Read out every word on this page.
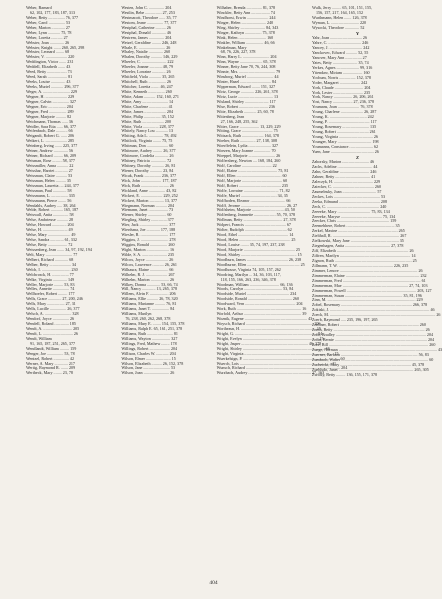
Weber, Barnard
62, 102, 177, 183, 187, 313
Weber, Betty ................ 76, 377
Weber, Carol ................ 53
Weber, Marion ............. 27
Weber, Lynn ............ 75, 78
Weber, Loretta ........... 27
Webster, Joan .............. 26
Webster, Knight ....... 260, 265, 298
Webster, Leonard ........ 68
Webster, V. ..................... 220
Weddington, Victor ....... 231
Weddell, Elizabeth ....... 43
Weed, Betty ................... 73
Weed, Sarah ................... 81
Weeks, Louise .............. 43
Weeks, Muriel ............ 296, 377
Weger, A. .......................... 229
Wegner, H. ..................... 229
Wegner, Calvin ................ 327
Wegner, Eric ................. 204
Wegner, Fred ................. 289
Wegner, Marjorie .......... 82
Weichmann, Thomas ...... 36
Weidler, Sara Etta ...... 66, 377
Weifenbach, Dale ........... 66
Weigandt, Robert G. ...... 206
Weikert, L. ..................... 285
Weinberg, Irving ....... 225, 377
Weiner, Andrew .............. 56
Weiner, Richard ......... 66, 209
Weisman, Rose ......... 58, 377
Weissmiller, Anna ........... 22
Weisshar, Harriet ............ 27
Weissman, Claire ........... 53
Weissman, Helen .......... 35
Weissman, Lauretta .... 244, 377
Weissman, Paul ............. 58
Weissmann, L. ................ 335
Weissmann, Pierce ........ 56
Wendahls, Audrey ..... 38, 264
Welde, Robert ............ 165, 187
Weiswall, Anita ............... 58
Welse, Ambrieuse ........... 28
Welse, Howard .............. 204
Welse, H. ........................ 49
Welse, Mary ...................... 49
Welse, Sandra ............. 61, 332
Welse, Betty ................... 72
Weissenberg, Jean ....... 34, 97, 192, 194
Welt, Mary .......................... 77
Welbert, Richard ............. 68
Welber, Betty ..................... 34
Welch, I. ............................ 230
Welchrosck, H. ................ 77
Welke, Virginia .............. 149
Weller, Marjorie ......... 53, 83
Welles, Annette ................ 74
Wellhoefer, Robert ......... 177
Wells, Grace ............. 27, 200, 246
Wells, Mary ................. 27, 31
Wells, Lucille ................ 26, 377
Welsch, A. .......................... 328
Wendorf, Joyce ................ 26
Wendell, Roland .............. 185
Wendt, A. ............................ 205
Wendt, L. ............................. 26
Wendt, William
91, 165, 187, 251, 265, 377
Wendlandt, William ......... 159
Wenger, Joe ................ 53, 78
Wentzel, Robert ............... 42
Werner, A. Mary ............. 217
Wertig, Raymond R. ....... 209
Wertheck, Mary ........ 23, 78
Westen, John C. ............... 204
Westlin, Bebe ................ 27, 253
Westmacott, Theodore ...... 35, 77
Westom, Jeane ................ 77, 377
Westphal, Catherine .......... 26
Westphal, Donald .............. 46
Westrem, James ............... 204
Wetzel, Geraldine ......... 246, 248
Whale, E. .......................... 26
Whaley, Natalie .............. 260
Whalen, Dorothy ........... 146, 229
Wheeler, C. ........................ 222
Wheeler, Joanne ............ 48, 79
Wheeler, Lorraine ............. 26
Whitfield, Viola ............ 35, 265
Whitchell, Ruth ................. 26
Whitcher, Loretta ........ 46, 247
White, Kenneth ................ 260
White, Adam ........... 152, 160, 271
White, Amy ......................... 14
White, Charlene .................. 41
White, James ..................... 204
White, Philip ................ 35, 152
White, Ruth ..................... 200
White, Viola ............... 228, 377
Whitely, Nancy Lou ............ 13
Whiting, Ada L. .............. 78, 492
Whitlock, Virginia ........ 75, 75
Whitman, Don ..................... 60
Whitmore, Audrey ......... 26, 377
Whitmore, Cordelia ............. 26
Whitney, Patricia ............... 72
Whitney, Dorothy ............ 26, 81
Wiener, Dorothy ............ 23, 84
Wicak, Frank ................ 236, 377
Wick, John .................... 177, 187
Wick, Ruth ........................... 26
Wickland, Anne ................ 43, 82
Wickert, E. ..................... 229, 252
Wickert, Marion .............. 13, 377
Wiegmann, Norman ........... 204
Wiemann, Janet ................... 73
Wiener, Shirley .................. 60
Wiegling, Shirley ............... 377
Wier, Jack ............................ 377
Wierdsma, Joe ............. 177, 188
Wiesler, R. ........................... 177
Wiggins, J. ........................... 278
Wiggins, Ronald ................. 260
Wight, Marion ...................... 16
Wilde, S. A. ........................ 235
Wilcox, Joyce ...................... 26
Wilcox, Lawrence ........... 26, 261
Wilhaura, Elaine .................. 66
Wilhelm, R. J. ..................... 267
Wilhelm, Marion .................. 26
Wilkey, Donna ............. 53, 66, 74
Will, Nancy ............. 13, 265, 378
Willens, Alvin F. .................. 206
Williams, Ellie ........... 26, 78, 320
Williams, Marianne .......... 76, 81
Williams, Janet T. ................. 84
Williams, Marilyn
76, 238, 260, 262, 268, 378
Williams, Mary E. ........ 154, 155, 378
Williams, Ralph E. 65, 161, 251, 378
Williams, Ruth ......................... 81
Williams, Wayton .................. 327
Willings, Fred, Mathew ........ 178
Willings, Robert .................... 204
Willison, Charles W. ............ 204
Wilson, Elmer ........................ 15
Wilson, Elizabeth .......... 26, 152, 378
Wilson, Jane .......................... 53
Wilson, Joan ......................... 26
Wilhaber, Brenda ............... 81, 378
Winckler, Betty Ann .................. 74
Windhorst, Erwin ..................... 244
Winger, Helen ........................ 240
Wing, Shirley ........................ 84, 343
Winger, Kathryn ................ 75, 378
Wink, Helen ........................... 160
Winkler, William ................. 46, 66
Winkelman, Mary
68, 76, 226, 227, 378
Winn, Harry L. .......................... 204
Winn, Wayne ...................... 65, 378
Winner, Betty Jane 70, 76, 244, 308
Winnie, Mrs. ................................... 79
Winsborg, Muriel .......................... 44
Winter, Hazel .............................. 84
Wipperman, Edward ........ 151, 327
Wirtz, George ............. 226, 261, 378
Wirtz, Lucie .................................. 13
Wisland, Shirley ....................... 117
Wise, Robert ............................ 236
Witte, Elizabeth ............ 25, 60, 78
Wittenberg, Jean
27, 166, 248, 255, 362
Witter, Grace ................... 13, 229, 229
Witting, Grace .............................. 75
Wittsack, Ruth ..................... 164, 378
Woeher, Ruth ............... 27, 138, 308
Woerffelein, Lydia ...................... 327
Woezen, Mary Joanne ................ 70
Woeppel, Marjorie .......................... 26
Wolfersberg, Newton .... 168, 184, 260
Wolf, Caroline ............................. 22
Wolf, Elaine ...................................... 75, 81
Wolf, Ellen ............................................ 60
Wolf, Marjorie ....................................... 60
Wolf, Robert ......................................... 235
Wolfe, Lorraine .................................. 71, 82
Wolfe, Muriel ................................... 34, 35
Wolfhoden, Eleanor .................................. 66
Wolff, Jerome ............................................ 26, 27
Wolfsheim, Marjorie ............................... 43, 50
Wolfenberg, Jeannette ..................... 55, 70, 378
Wollman, Betty ...................................... 27, 378
Wolpert, Francis ........................................ 67
Wolter, Rudolph ......................................... 62
Wood, Ethel ................................................. 14
Wood, Helen .................................................. 25
Wood, Louise ........ 35, 74, 197, 237, 238
Wood, Marjorie .................................................. 25
Wood, Shirley ...................................................... 15
Woodburn, James ........................................ 26, 238
Woodburne, Ellen ................................................... 25
Woodhouse, Virginia 74, 105, 157, 262
Woodring, Marilyn ... 34, 36, 103, 117,
118, 155, 166, 263, 236, 346, 378
Woodman, William ............................. 66, 136
Woods, Carolyn ..................................... 53, 84
Woodside, Muriel ......................................... 234
Woodside, Ronald ........................................... 260
Woodward, Vern ................................................. 204
Work, Ruth ............................................................... 16
Worfold, Arthur ........................................................ 39
Woznik, Eugene ............................................................. 43
Woysch, Richard .................................................................. 206
Wortheasn, H. ......................................................................... 15
Wright, G. ................................................................................ 84
Wright, Evelyn .......................................................................... 15
Wright, Jasper ................................................................. 46, 378
Wright, Shirley ................................................................................ 66
Wright, Virginia ....................................................................................... 15
Wuerkelsign, P. .............................................................................................. 60
Wuerch, Lois ......................................................................................... 41
Wunsch, Richard ............................................................................................ 204
Wurzbach, Audrey ............................................................. 27, 163
Wulk, Jerry ......... 65, 101, 151, 155,
156, 157, 217, 164, 165, 152
Wurthmann, Helen ....... 126, 378
Wyman, L. ........................... 220
Wysocki, Theodore .............. 52
Y
Yahr, Joan ............................... 26
Yahre, C. ................................ 246
Yancey, J. ................................ 242
Yanckovec, Edward ........... 52, 55
Yanover, Mary Ann ................ 27
Yates, Betty ........................ 35, 74
Yerkes, Agnes ...................... 99, 316
Yttendaw, Miriam ................... 160
Yochum, Norris ................ 152, 378
Yoder, Margaret .................... 242
York, Claude ............................ 204
York, Lester ............................. 235
York, Nancy .................. 26, 206, 261
Yost, Nancy ................... 27, 236, 378
Youmans, Joan ..................... 76, 378
Young, Charlene ...................... 26, 287
Young, K. .................................... 242
Young, P. ........................................ 117
Young, Rosemary .......................... 135
Young, Robert ............................... 261
Young, Virginia ................................. 26
Younger, Mary ................................. 198
Youmanns, Constance ....................... 62
Yuen, Jane .......................................... 26
Z
Zaborsky, Marion .......................... 46
Zachs, Adeline .................................. 44
Zahn, Geraldine ............................. 246
Zahner, Betty .................................. 41
Zaleczyk, H. ...................................... 229
Zaiecker, C. ........................................ 260
Zaumelnsky, Joan ................................. 57
Zeckes, Lois ............................................. 53
Zeeka, Edmund ........................................ 208
Zech, C. ................................................... 240
Zeeeeke, Mary ................................ 75, 83, 134
Zeeeeke, Maryse ........................................ 75, 134
Zeecker, Chris ................................................... 159
Zeemebhere, Robert ............................................... 35
Zerkel, Maxine .......................................................... 265
Zielthall, R. ................................................................. 267
Zielkowski, Mary Jane ............................................... 35
Ziegenhagen, Anita ............................................ 27, 378
Ziff, Elizabeth ...................................................................... 26
Ziffren, Marilyn ..................................................................... 14
Zignon, Ruth ........................................................................... 25
Zillmann, T. W. ..................................................... 226, 235
Zimmer, Lenore ............................................................................ 26
Zimmerman, Elaine ........................................................................ 232
Zimmerman, Fred ............................................................................ 61
Zimmerman, Mae ................................................................ 27, 74, 103
Zimmerman, Powell .................................................................... 203, 127
Zimmerman, Susan ........................................................ 35, 81, 196
Zinn, M. ...................................................................................... 229
Zobel, Rosemary ..................................................................... 266, 378
Zokiski, J. ................................................................................................. 46
Zoeck, M. ....................................................................................................... 26
Zoerb, Raymond ..... 235, 196, 197, 265
Zoellner, Robert ............................................................................. 260
Zoeth, Betty ......................................................................................... 26
Zohr, Bradley ........................................................................................ 204
Zolin, Bernie .......................................................................................... 204
Zore, Bill ................................................................................................. 260
Zuege, Norman ................................................................................................ 43
Zuerner, Barbara ........................................................................... 56, 83
Zumbach, Walter ..................................................................................... 60
Zucheicki, Mary ..................................................................... 45, 378
Zuehlsdo, Janet ......................................................................... 265, 305
Zwicky, Betty ......... 136, 155, 171, 378
404
